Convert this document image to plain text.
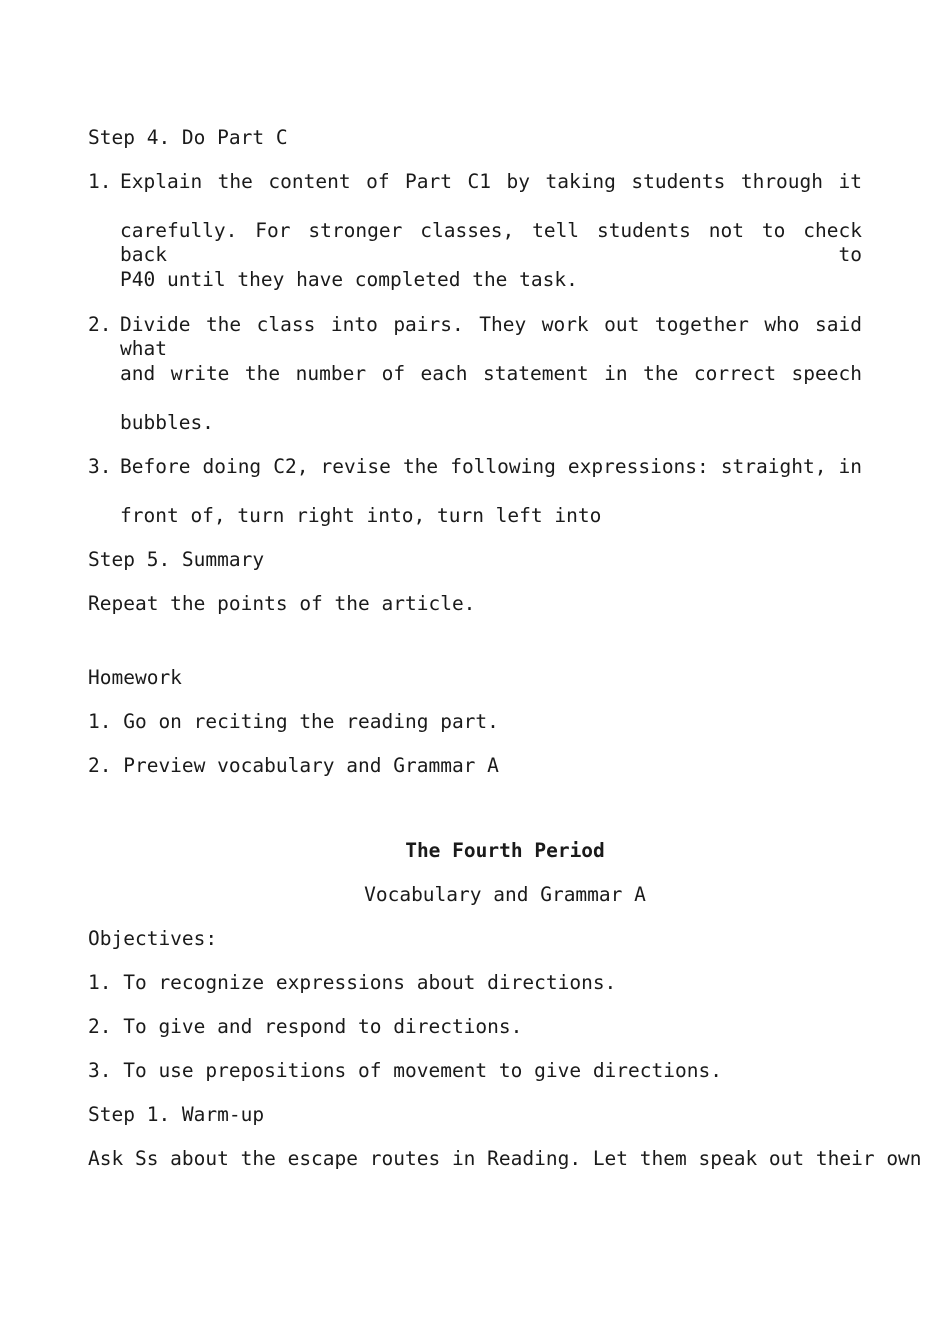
Step 4. Do Part C
1. Explain the content of Part C1 by taking students through it
carefully. For stronger classes, tell students not to check back to
P40 until they have completed the task.
2. Divide the class into pairs. They work out together who said what
and write the number of each statement in the correct speech
bubbles.
3. Before doing C2, revise the following expressions: straight, in
front of, turn right into, turn left into
Step 5. Summary
Repeat the points of the article.
Homework
1. Go on reciting the reading part.
2. Preview vocabulary and Grammar A
The Fourth Period
Vocabulary and Grammar A
Objectives:
1. To recognize expressions about directions.
2. To give and respond to directions.
3. To use prepositions of movement to give directions.
Step 1. Warm-up
Ask Ss about the escape routes in Reading. Let them speak out their own
